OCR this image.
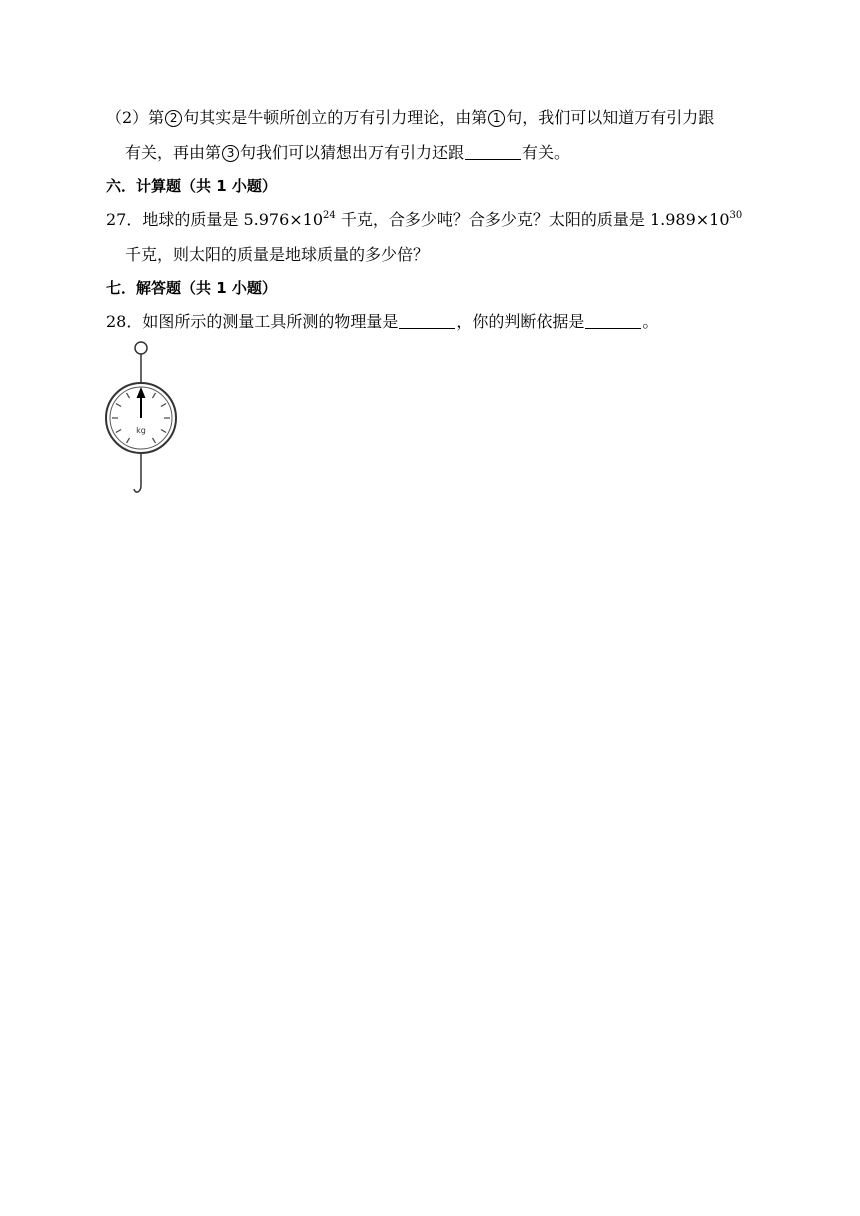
（2）第 2 句其实是牛顿所创立的万有引力理论，由第 1 句，我们可以知道万有引力跟
有关，再由第 3 句我们可以猜想出万有引力还跟	有关。
六．计算题（共 1 小题）
27．地球的质量是 $5.976\times 10^{24}$ 千克，合多少吨？合多少克？太阳的质量是 $1.989\times 10^{30}$
千克，则太阳的质量是地球质量的多少倍？
七．解答题（共 1 小题）
28．如图所示的测量工具所测的物理量是	，你的判断依据是	。
kg
